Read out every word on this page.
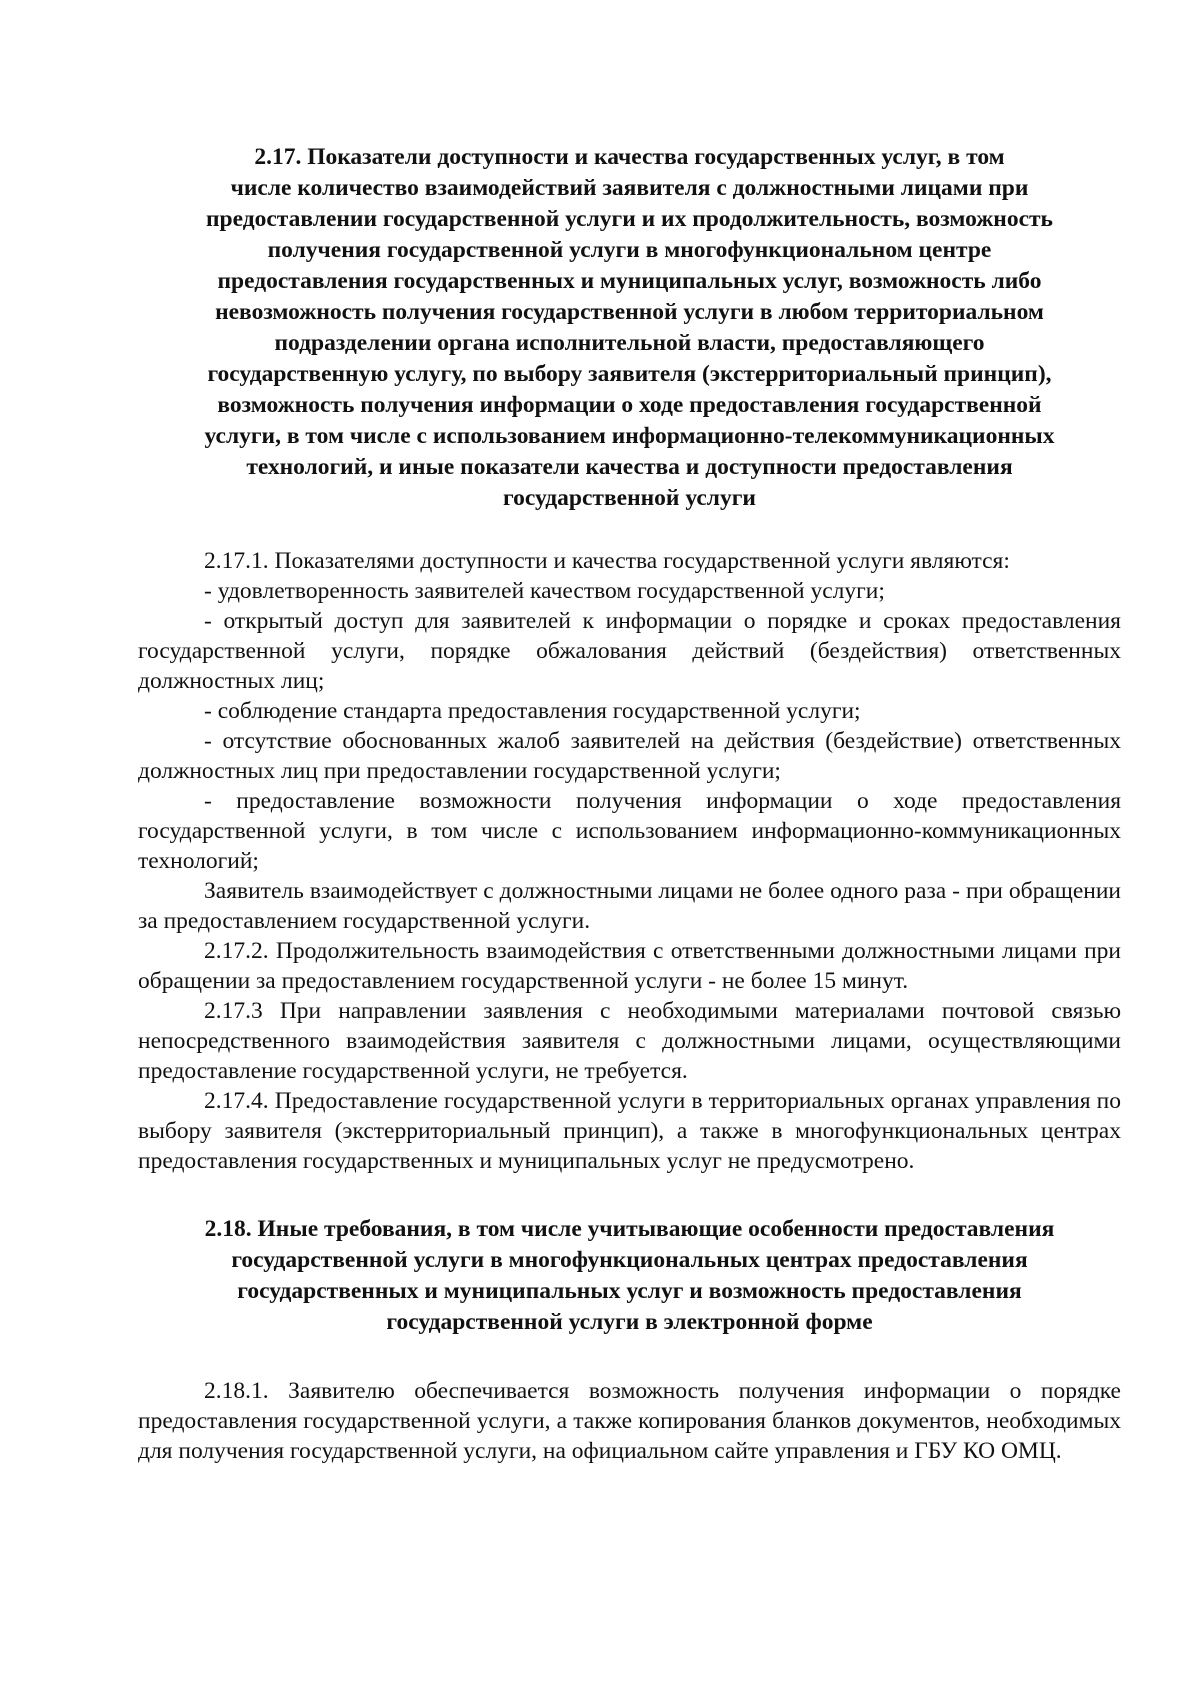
2.17. Показатели доступности и качества государственных услуг, в том
числе количество взаимодействий заявителя с должностными лицами при
предоставлении государственной услуги и их продолжительность, возможность
получения государственной услуги в многофункциональном центре
предоставления государственных и муниципальных услуг, возможность либо
невозможность получения государственной услуги в любом территориальном
подразделении органа исполнительной власти, предоставляющего
государственную услугу, по выбору заявителя (экстерриториальный принцип),
возможность получения информации о ходе предоставления государственной
услуги, в том числе с использованием информационно-телекоммуникационных
технологий, и иные показатели качества и доступности предоставления
государственной услуги

2.17.1. Показателями доступности и качества государственной услуги являются:

- удовлетворенность заявителей качеством государственной услуги;

- открытый доступ для заявителей к информации о порядке и сроках предоставления государственной услуги, порядке обжалования действий (бездействия) ответственных должностных лиц;

- соблюдение стандарта предоставления государственной услуги;

- отсутствие обоснованных жалоб заявителей на действия (бездействие) ответственных должностных лиц при предоставлении государственной услуги;

- предоставление возможности получения информации о ходе предоставления государственной услуги, в том числе с использованием информационно-коммуникационных технологий;

Заявитель взаимодействует с должностными лицами не более одного раза - при обращении за предоставлением государственной услуги.

2.17.2. Продолжительность взаимодействия с ответственными должностными лицами при обращении за предоставлением государственной услуги - не более 15 минут.

2.17.3 При направлении заявления с необходимыми материалами почтовой связью непосредственного взаимодействия заявителя с должностными лицами, осуществляющими предоставление государственной услуги, не требуется.

2.17.4. Предоставление государственной услуги в территориальных органах управления по выбору заявителя (экстерриториальный принцип), а также в многофункциональных центрах предоставления государственных и муниципальных услуг не предусмотрено.

2.18. Иные требования, в том числе учитывающие особенности предоставления
государственной услуги в многофункциональных центрах предоставления
государственных и муниципальных услуг и возможность предоставления
государственной услуги в электронной форме

2.18.1. Заявителю обеспечивается возможность получения информации о порядке предоставления государственной услуги, а также копирования бланков документов, необходимых для получения государственной услуги, на официальном сайте управления и ГБУ КО ОМЦ.
